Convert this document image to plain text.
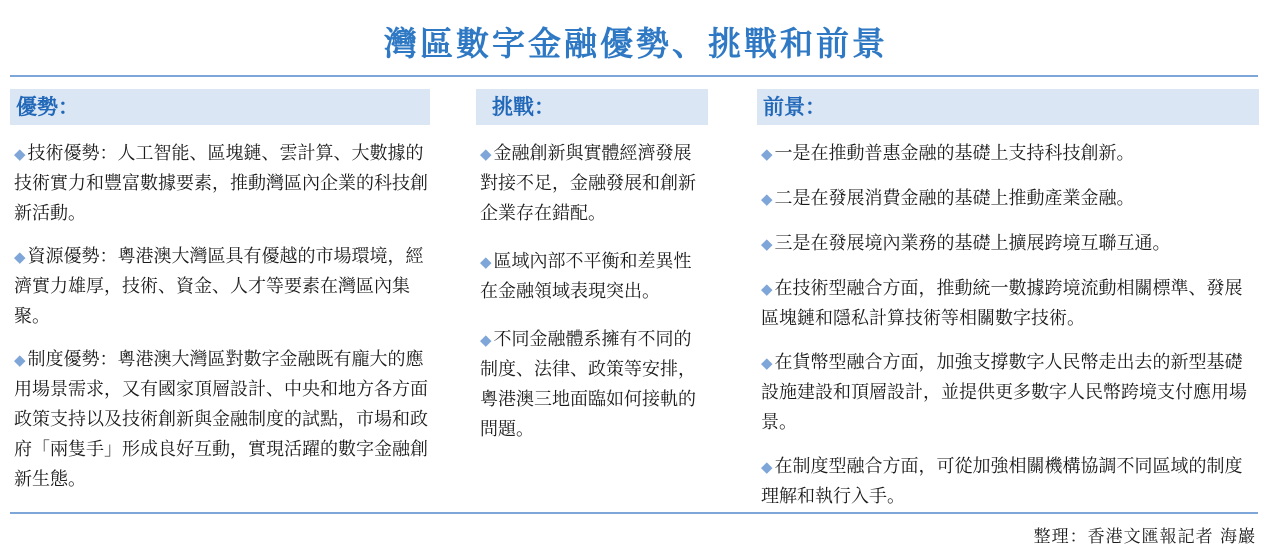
灣區數字金融優勢、挑戰和前景
優勢：
◆ 技術優勢：人工智能、區塊鏈、雲計算、大數據的技術實力和豐富數據要素，推動灣區內企業的科技創新活動。
◆ 資源優勢：粵港澳大灣區具有優越的市場環境，經濟實力雄厚，技術、資金、人才等要素在灣區內集聚。
◆ 制度優勢：粵港澳大灣區對數字金融既有龐大的應用場景需求，又有國家頂層設計、中央和地方各方面政策支持以及技術創新與金融制度的試點，市場和政府「兩隻手」形成良好互動，實現活躍的數字金融創新生態。
挑戰：
◆ 金融創新與實體經濟發展對接不足，金融發展和創新企業存在錯配。
◆ 區域內部不平衡和差異性在金融領域表現突出。
◆ 不同金融體系擁有不同的制度、法律、政策等安排，粵港澳三地面臨如何接軌的問題。
前景：
◆ 一是在推動普惠金融的基礎上支持科技創新。
◆ 二是在發展消費金融的基礎上推動產業金融。
◆ 三是在發展境內業務的基礎上擴展跨境互聯互通。
◆ 在技術型融合方面，推動統一數據跨境流動相關標準、發展區塊鏈和隱私計算技術等相關數字技術。
◆ 在貨幣型融合方面，加強支撐數字人民幣走出去的新型基礎設施建設和頂層設計，並提供更多數字人民幣跨境支付應用場景。
◆ 在制度型融合方面，可從加強相關機構協調不同區域的制度理解和執行入手。
整理：香港文匯報記者 海巖
